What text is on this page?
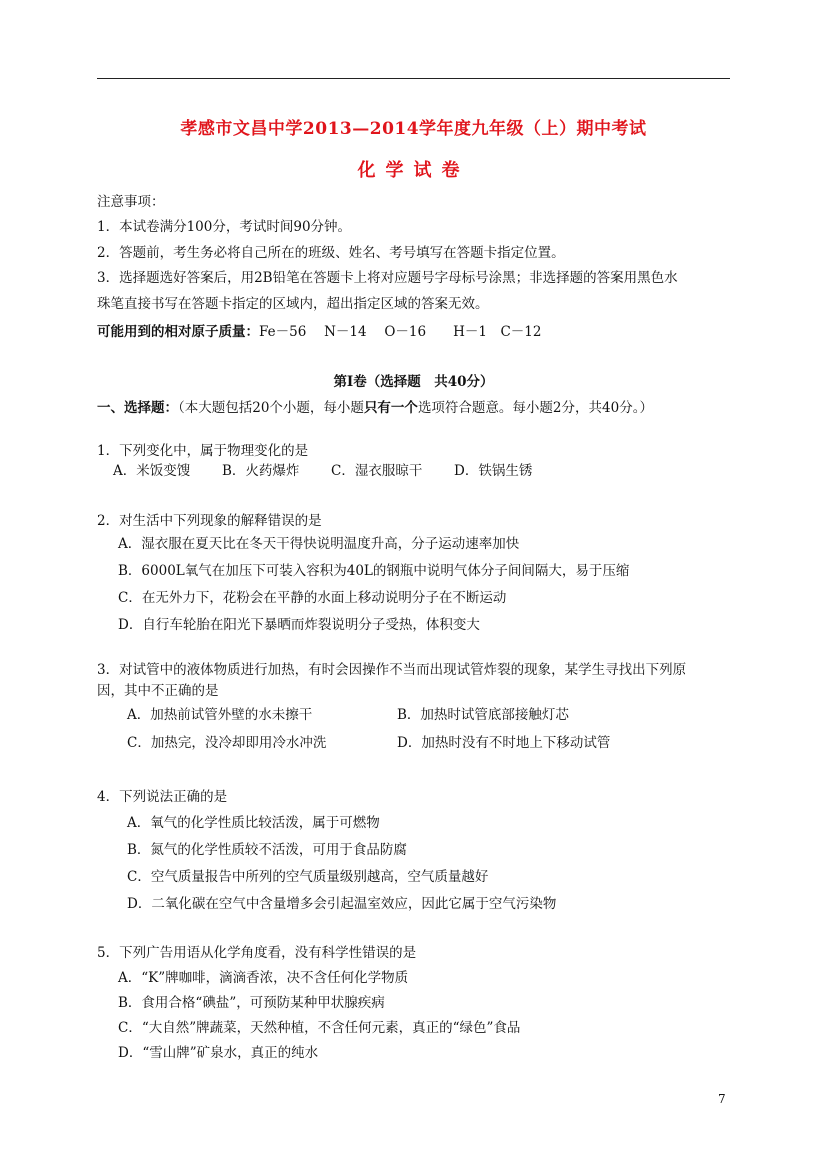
孝感市文昌中学2013—2014学年度九年级（上）期中考试
化学试卷
注意事项：
1．本试卷满分100分，考试时间90分钟。
2．答题前，考生务必将自己所在的班级、姓名、考号填写在答题卡指定位置。
3．选择题选好答案后，用2B铅笔在答题卡上将对应题号字母标号涂黑；非选择题的答案用黑色水
珠笔直接书写在答题卡指定的区域内，超出指定区域的答案无效。
可能用到的相对原子质量：Fe－56　 N－14　 O－16　　H－1　C－12
第Ⅰ卷（选择题　共40分）
一、选择题：（本大题包括20个小题，每小题只有一个选项符合题意。每小题2分，共40分。）
1．下列变化中，属于物理变化的是
A．米饭变馊 B．火药爆炸 C．湿衣服晾干 D．铁锅生锈
2．对生活中下列现象的解释错误的是
A．湿衣服在夏天比在冬天干得快说明温度升高，分子运动速率加快
B．6000L氧气在加压下可装入容积为40L的钢瓶中说明气体分子间间隔大，易于压缩
C．在无外力下，花粉会在平静的水面上移动说明分子在不断运动
D．自行车轮胎在阳光下暴晒而炸裂说明分子受热，体积变大
3．对试管中的液体物质进行加热，有时会因操作不当而出现试管炸裂的现象，某学生寻找出下列原
因，其中不正确的是
A．加热前试管外壁的水未擦干	B．加热时试管底部接触灯芯
C．加热完，没冷却即用冷水冲洗	D．加热时没有不时地上下移动试管
4．下列说法正确的是
A．氧气的化学性质比较活泼，属于可燃物
B．氮气的化学性质较不活泼，可用于食品防腐
C．空气质量报告中所列的空气质量级别越高，空气质量越好
D．二氧化碳在空气中含量增多会引起温室效应，因此它属于空气污染物
5．下列广告用语从化学角度看，没有科学性错误的是
A．“K”牌咖啡，滴滴香浓，决不含任何化学物质
B．食用合格“碘盐”，可预防某种甲状腺疾病
C．“大自然”牌蔬菜，天然种植，不含任何元素，真正的“绿色”食品
D．“雪山牌”矿泉水，真正的纯水
7
